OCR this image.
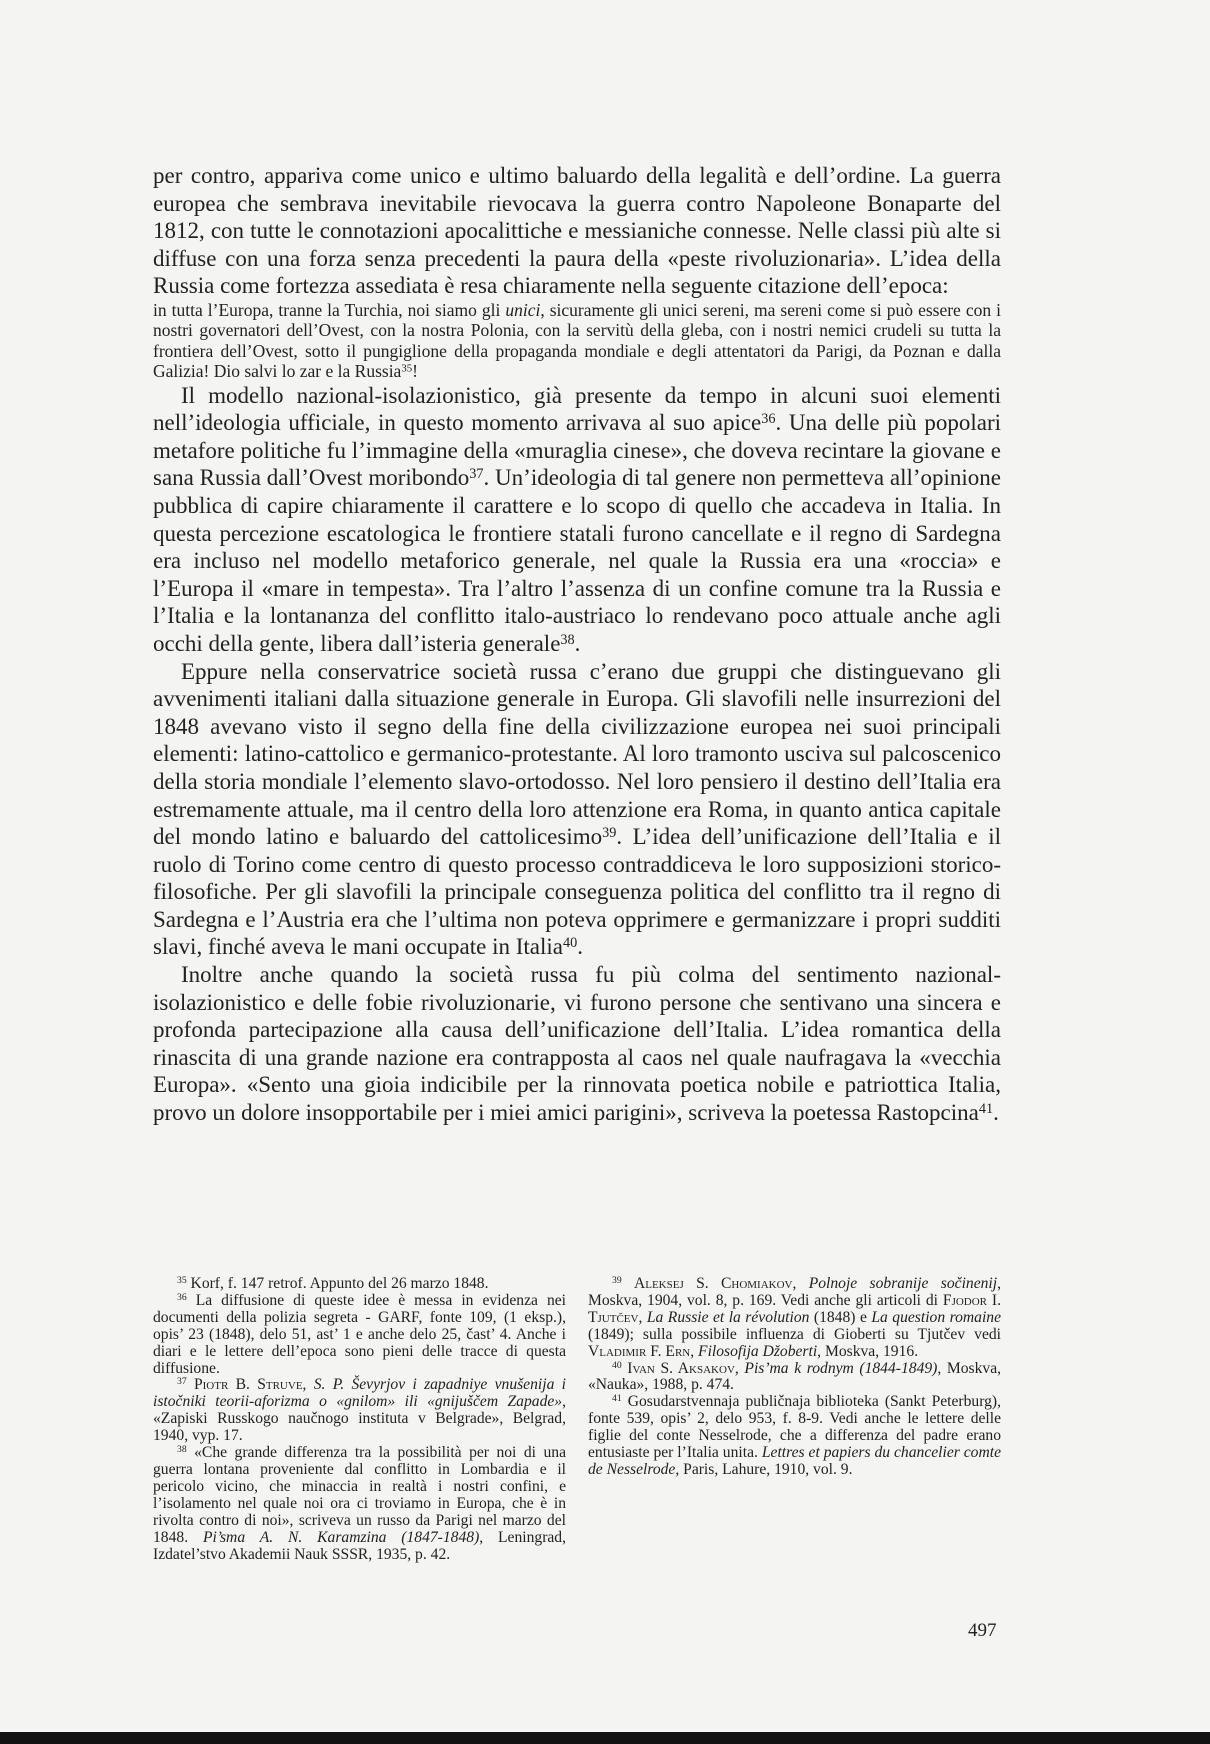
per contro, appariva come unico e ultimo baluardo della legalità e dell’ordine. La guerra europea che sembrava inevitabile rievocava la guerra contro Napoleone Bonaparte del 1812, con tutte le connotazioni apocalittiche e messianiche connesse. Nelle classi più alte si diffuse con una forza senza precedenti la paura della «peste rivoluzionaria». L’idea della Russia come fortezza assediata è resa chiaramente nella seguente citazione dell’epoca:

in tutta l’Europa, tranne la Turchia, noi siamo gli unici, sicuramente gli unici sereni, ma sereni come si può essere con i nostri governatori dell’Ovest, con la nostra Polonia, con la servitù della gleba, con i nostri nemici crudeli su tutta la frontiera dell’Ovest, sotto il pungiglione della propaganda mondiale e degli attentatori da Parigi, da Poznan e dalla Galizia! Dio salvi lo zar e la Russia$^{35}$!

Il modello nazional-isolazionistico, già presente da tempo in alcuni suoi elementi nell’ideologia ufficiale, in questo momento arrivava al suo apice$^{36}$. Una delle più popolari metafore politiche fu l’immagine della «muraglia cinese», che doveva recintare la giovane e sana Russia dall’Ovest moribondo$^{37}$. Un’ideologia di tal genere non permetteva all’opinione pubblica di capire chiaramente il carattere e lo scopo di quello che accadeva in Italia. In questa percezione escatologica le frontiere statali furono cancellate e il regno di Sardegna era incluso nel modello metaforico generale, nel quale la Russia era una «roccia» e l’Europa il «mare in tempesta». Tra l’altro l’assenza di un confine comune tra la Russia e l’Italia e la lontananza del conflitto italo-austriaco lo rendevano poco attuale anche agli occhi della gente, libera dall’isteria generale$^{38}$.

Eppure nella conservatrice società russa c’erano due gruppi che distinguevano gli avvenimenti italiani dalla situazione generale in Europa. Gli slavofili nelle insurrezioni del 1848 avevano visto il segno della fine della civilizzazione europea nei suoi principali elementi: latino-cattolico e germanico-protestante. Al loro tramonto usciva sul palcoscenico della storia mondiale l’elemento slavo-ortodosso. Nel loro pensiero il destino dell’Italia era estremamente attuale, ma il centro della loro attenzione era Roma, in quanto antica capitale del mondo latino e baluardo del cattolicesimo$^{39}$. L’idea dell’unificazione dell’Italia e il ruolo di Torino come centro di questo processo contraddiceva le loro supposizioni storico-filosofiche. Per gli slavofili la principale conseguenza politica del conflitto tra il regno di Sardegna e l’Austria era che l’ultima non poteva opprimere e germanizzare i propri sudditi slavi, finché aveva le mani occupate in Italia$^{40}$.

Inoltre anche quando la società russa fu più colma del sentimento nazional-isolazionistico e delle fobie rivoluzionarie, vi furono persone che sentivano una sincera e profonda partecipazione alla causa dell’unificazione dell’Italia. L’idea romantica della rinascita di una grande nazione era contrapposta al caos nel quale naufragava la «vecchia Europa». «Sento una gioia indicibile per la rinnovata poetica nobile e patriottica Italia, provo un dolore insopportabile per i miei amici parigini», scriveva la poetessa Rastopcina$^{41}$.

$^{35}$ Korf, f. 147 retrof. Appunto del 26 marzo 1848.

$^{36}$ La diffusione di queste idee è messa in evidenza nei documenti della polizia segreta - GARF, fonte 109, (1 eksp.), opis’ 23 (1848), delo 51, ast’ 1 e anche delo 25, čast’ 4. Anche i diari e le lettere dell’epoca sono pieni delle tracce di questa diffusione.

$^{37}$ Piotr B. Struve, S. P. Ševyrjov i zapadniye vnušenija i istočniki teorii-aforizma o «gnilom» ili «gnijuščem Zapade», «Zapiski Russkogo naučnogo instituta v Belgrade», Belgrad, 1940, vyp. 17.

$^{38}$ «Che grande differenza tra la possibilità per noi di una guerra lontana proveniente dal conflitto in Lombardia e il pericolo vicino, che minaccia in realtà i nostri confini, e l’isolamento nel quale noi ora ci troviamo in Europa, che è in rivolta contro di noi», scriveva un russo da Parigi nel marzo del 1848. Pi’sma A. N. Karamzina (1847-1848), Leningrad, Izdatel’stvo Akademii Nauk SSSR, 1935, p. 42.

$^{39}$ Aleksej S. Chomiakov, Polnoje sobranije sočinenij, Moskva, 1904, vol. 8, p. 169. Vedi anche gli articoli di Fjodor I. Tjutčev, La Russie et la révolution (1848) e La question romaine (1849); sulla possibile influenza di Gioberti su Tjutčev vedi Vladimir F. Ern, Filosofija Džoberti, Moskva, 1916.

$^{40}$ Ivan S. Aksakov, Pis’ma k rodnym (1844-1849), Moskva, «Nauka», 1988, p. 474.

$^{41}$ Gosudarstvennaja publičnaja biblioteka (Sankt Peterburg), fonte 539, opis’ 2, delo 953, f. 8-9. Vedi anche le lettere delle figlie del conte Nesselrode, che a differenza del padre erano entusiaste per l’Italia unita. Lettres et papiers du chancelier comte de Nesselrode, Paris, Lahure, 1910, vol. 9.

497
